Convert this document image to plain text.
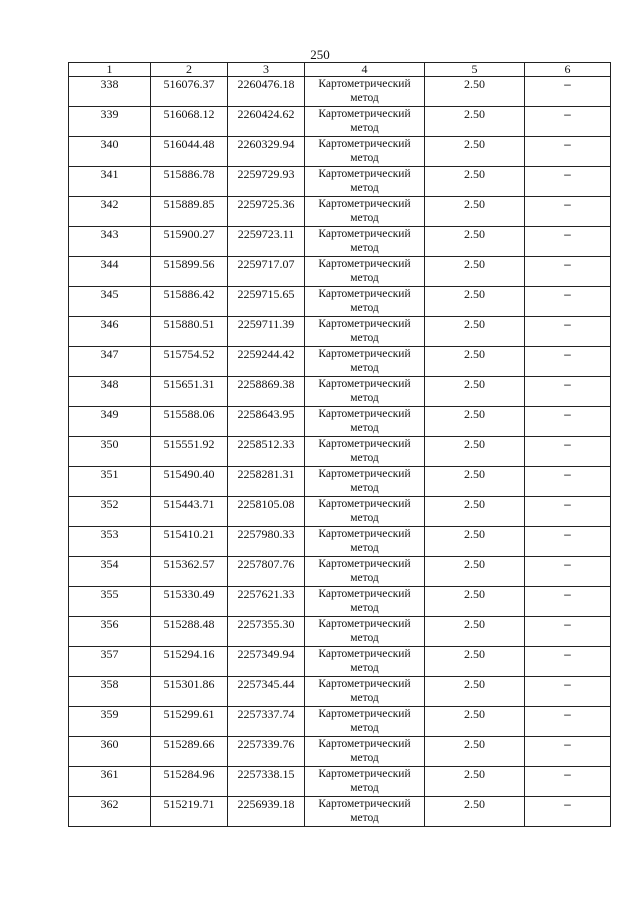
250
1	2	3	4	5	6
338	516076.37	2260476.18	Картометрический метод	2.50	–
339	516068.12	2260424.62	Картометрический метод	2.50	–
340	516044.48	2260329.94	Картометрический метод	2.50	–
341	515886.78	2259729.93	Картометрический метод	2.50	–
342	515889.85	2259725.36	Картометрический метод	2.50	–
343	515900.27	2259723.11	Картометрический метод	2.50	–
344	515899.56	2259717.07	Картометрический метод	2.50	–
345	515886.42	2259715.65	Картометрический метод	2.50	–
346	515880.51	2259711.39	Картометрический метод	2.50	–
347	515754.52	2259244.42	Картометрический метод	2.50	–
348	515651.31	2258869.38	Картометрический метод	2.50	–
349	515588.06	2258643.95	Картометрический метод	2.50	–
350	515551.92	2258512.33	Картометрический метод	2.50	–
351	515490.40	2258281.31	Картометрический метод	2.50	–
352	515443.71	2258105.08	Картометрический метод	2.50	–
353	515410.21	2257980.33	Картометрический метод	2.50	–
354	515362.57	2257807.76	Картометрический метод	2.50	–
355	515330.49	2257621.33	Картометрический метод	2.50	–
356	515288.48	2257355.30	Картометрический метод	2.50	–
357	515294.16	2257349.94	Картометрический метод	2.50	–
358	515301.86	2257345.44	Картометрический метод	2.50	–
359	515299.61	2257337.74	Картометрический метод	2.50	–
360	515289.66	2257339.76	Картометрический метод	2.50	–
361	515284.96	2257338.15	Картометрический метод	2.50	–
362	515219.71	2256939.18	Картометрический метод	2.50	–
